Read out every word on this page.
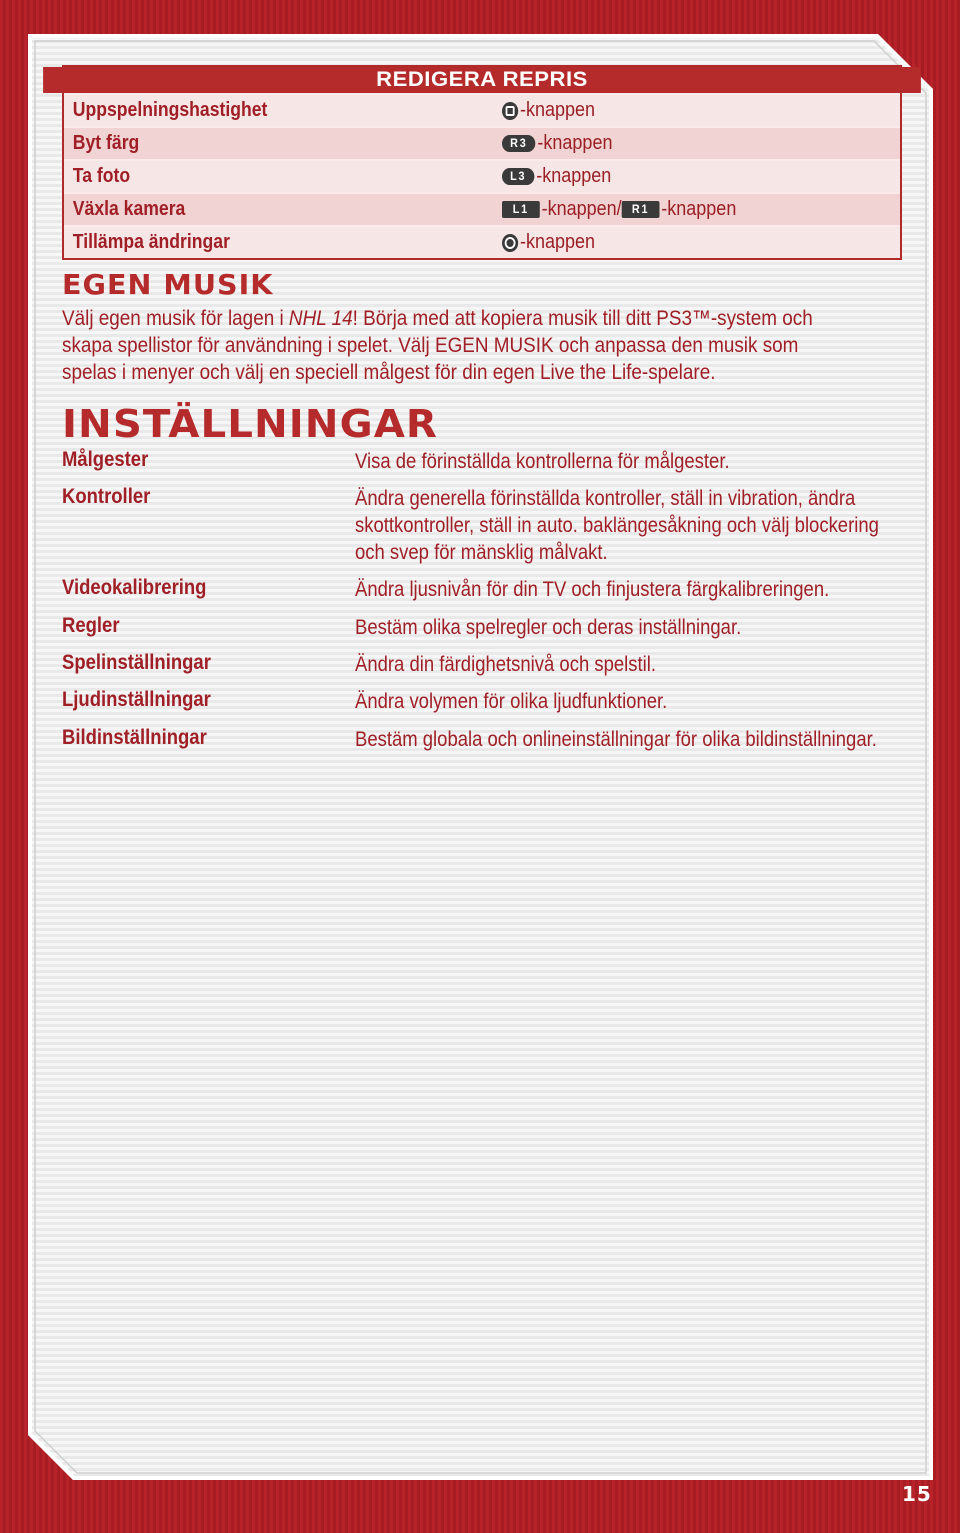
REDIGERA REPRIS
Uppspelningshastighet	-knappen
Byt färg	R3 -knappen
Ta foto	L3 -knappen
Växla kamera	L1 -knappen/ R1 -knappen
Tillämpa ändringar	-knappen
EGEN MUSIK
Välj egen musik för lagen i NHL 14! Börja med att kopiera musik till ditt PS3™-system och skapa spellistor för användning i spelet. Välj EGEN MUSIK och anpassa den musik som spelas i menyer och välj en speciell målgest för din egen Live the Life-spelare.
INSTÄLLNINGAR
Målgester	Visa de förinställda kontrollerna för målgester.
Kontroller	Ändra generella förinställda kontroller, ställ in vibration, ändra skottkontroller, ställ in auto. baklängesåkning och välj blockering och svep för mänsklig målvakt.
Videokalibrering	Ändra ljusnivån för din TV och finjustera färgkalibreringen.
Regler	Bestäm olika spelregler och deras inställningar.
Spelinställningar	Ändra din färdighetsnivå och spelstil.
Ljudinställningar	Ändra volymen för olika ljudfunktioner.
Bildinställningar	Bestäm globala och onlineinställningar för olika bildinställningar.
15
